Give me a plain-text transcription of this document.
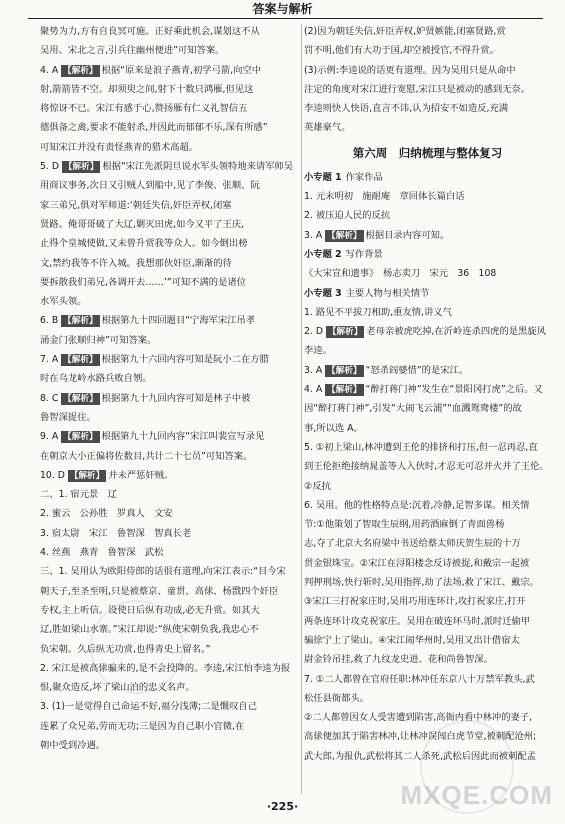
答案与解析
聚势为力,方有自良冥可施。正好乘此机会,谋划这不从
吴用、宋北之言,引兵往幽州便进”可知答案。
4. A 【解析】 根据“原来是浪子燕青,初学弓箭,向空中
射,箭箭皆不空。却须臾之间,射下十数只鸿雁,但见这
将惊讶不已。宋江有感于心,赞扬雁有仁义礼智信五
德俱备之禽,要求不能射杀,并因此而郁郁不乐,深有所感”
可知宋江并没有责怪燕青的猎术高超。
5. D 【解析】 根据“宋江先派阴旦说水军头领特地来请军师吴
用商议事务,次日又引贼人到船中,见了李俊、张顺、阮
家三弟兄,俱对军师道:‘朝廷失信,奸臣弄权,闭塞
贤路。俺哥哥破了大辽,剿灭田虎,如今又平了王庆,
止得个皇城使做,又未曾升赏我等众人。如今倒出榜
文,禁约我等不许入城。我想那伙奸臣,渐渐的待
要拆散我们弟兄,各调开去……’”可知不满的是诸位
水军头领。
6. B 【解析】 根据第九十四回题目“宁海军宋江吊孝
涌金门张顺归神”可知答案。
7. A 【解析】 根据第九十六回内容可知是阮小二在方腊
时在乌龙岭水路兵败自刎。
8. C 【解析】 根据第九十九回内容可知是林子中被
鲁智深捉住。
9. A 【解析】 根据第九十九回内容“宋江叫裴宣写录见
在朝京大小正偏将佐数目,共计二十七员”可知答案。
10. D 【解析】 并未严惩奸贼。
二、1. 宿元景　辽
2. 蜜云　公孙胜　罗真人　文安
3. 宿太尉　宋江　鲁智深　智真长老
4. 丝燕　燕青　鲁智深　武松
三、1. 吴用认为欧阳侍郎的话很有道理,向宋江表示:“目今宋
朝天子,至圣至明,只是被蔡京、童贯、高俅、杨戬四个奸臣
专权,主上听信。设使日后纵有功成,必无升赏。如其大
辽,胜如梁山水寨。”宋江却说:“纵使宋朝负我,我忠心不
负宋朝。久后纵无功赏,也得青史上留名。”
2. 宋江是被高俅骗来的,是不会投降的。李逵,宋江怕李逵为报
恨,聚众造反,坏了梁山泊的忠义名声。
3. (1)一是觉得自己命运不好,福分浅薄;二是慨叹自己
连累了众兄弟,劳而无功;三是因为自己职小官微,在
朝中受到冷遇。
(2)因为朝廷失信,奸臣弄权,妒贤嫉能,闭塞贤路,赏
罚不明,他们有大功于国,却空被授官,不得升赏。
(3)示例:李逵说的话更有道理。因为吴用只是从命中
注定的角度对宋江进行宽慰,宋江只是被动的感到无奈。
李逵则快人快语,直言不讳,认为招安不如造反,充满
英雄豪气。
第六周　归纳梳理与整体复习
小专题 1 作家作品
1. 元末明初　施耐庵　章回体长篇白话
2. 被压迫人民的反抗
3. A 【解析】 根据目录内容可知。
小专题 2 写作背景
《大宋宣和遗事》　杨志卖刀　宋元　36　108
小专题 3 主要人物与相关情节
1. 路见不平拔刀相助,重友情,讲义气
2. D 【解析】 老母亲被虎吃掉,在沂岭连杀四虎的是黑旋风
李逵。
3. A 【解析】 “怒杀阎婆惜”的是宋江。
4. A 【解析】 “醉打蒋门神”发生在“景阳冈打虎”之后。又
因“醉打蒋门神”,引发“大闹飞云浦”“血溅鸳鸯楼”的故
事,所以选 A。
5. ①初上梁山,林冲遭到王伦的排挤和打压,但一忍再忍,直
到王伦拒绝接纳晁盖等人入伙时,才忍无可忍并火并了王伦。
②反抗
6. 吴用。他的性格特点是:沉着,冷静,足智多谋。相关情
节:①他策划了智取生辰纲,用药酒麻倒了青面兽杨
志,夺了北京大名府梁中书送给蔡太师庆贺生辰的十万
贯金银珠宝。②宋江在浔阳楼念反诗被捉,和戴宗一起被
判押刑场,快行斩时,吴用指挥,劫了法场,救了宋江、戴宗。
③宋江三打祝家庄时,吴用巧用连环计,攻打祝家庄,打开
两条连环计攻克祝家庄。吴用在破连环马时,派时迁偷甲
骗徐宁上了梁山。④宋江闹华州时,吴用又出计借宿太
尉金铃吊挂,救了九纹龙史进、花和尚鲁智深。
7. ①二人都曾在官府任职:林冲任东京八十万禁军教头,武
松任县衙都头。
②二人都曾因女人受害遭到陷害,高衙内看中林冲的妻子,
高俅便加其于陷害林冲,让林冲误闯白虎节堂,被刺配沧州;
武大郎,为报仇,武松将其二人杀死,武松后因此而被刺配孟
·225·	MXQE.COM
